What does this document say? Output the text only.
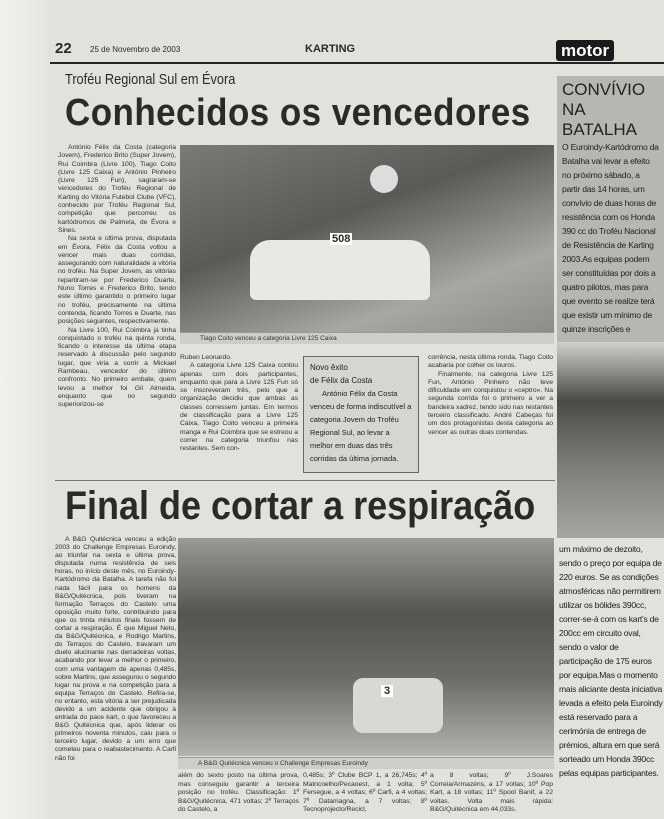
22 25 de Novembro de 2003	KARTING	motor
Troféu Regional Sul em Évora
Conhecidos os vencedores

António Félix da Costa (categoria Jovem), Frederico Brito (Super Jovem), Rui Coimbra (Livre 100), Tiago Coito (Livre 125 Caixa) e António Pinheiro (Livre 125 Fun), sagraram-se vencedores do Troféu Regional de Karting do Vitória Futebol Clube (VFC), conhecido por Troféu Regional Sul, competição que percorreu os kartódromos de Palmela, de Évora e Sines.

Na sexta e última prova, disputada em Évora, Félix da Costa voltou a vencer mais duas corridas, assegurando com naturalidade a vitória no troféu. Na Super Jovem, as vitórias repartiram-se por Frederico Duarte, Nuno Torres e Frederico Brito, tendo este último garantido o primeiro lugar no troféu, precisamente na última contenda, ficando Torres e Duarte, nas posições seguintes, respectivamente.

Na Livre 100, Rui Coimbra já tinha conquistado o troféu na quinta ronda, ficando o interesse da última etapa reservado à discussão pelo segundo lugar, que viria a sorrir a Mickael Rambeau, vencedor do último confronto. No primeiro embate, quem levou a melhor foi Gil Almeida, enquanto que no segundo superiorizou-se

508
Tiago Coito venceu a categoria Livre 125 Caixa

Ruben Leonardo.

A categoria Livre 125 Caixa contou apenas com dois participantes, enquanto que para a Livre 125 Fun só se inscreveram três, pelo que a organização decidiu que ambas as classes corressem juntas. Em termos de classificação para a Livre 125 Caixa, Tiago Coito venceu a primeira manga e Rui Coimbra que se estreou a correr na categoria triunfou nas restantes. Sem con-

Novo êxito
de Félix da Costa
António Félix da Costa venceu de forma indiscutível a categoria Jovem do Troféu Regional Sul, ao levar a melhor em duas das três corridas da última jornada.

corrência, nesta última ronda, Tiago Coito acabaria por colher os louros.

Finalmente, na categoria Livre 125 Fun, António Pinheiro não teve dificuldade em conquistou o «ceptro». Na segunda corrida foi o primeiro a ver a bandeira xadrez, tendo sido nas restantes terceiro classificado. André Cabeças foi um dos protagonistas desta categoria ao vencer as outras duas contendas.

CONVÍVIO
NA BATALHA
O Euroindy-Kartódromo da Batalha vai levar a efeito no próximo sábado, a partir das 14 horas, um convívio de duas horas de resistência com os Honda 390 cc do Troféu Nacional de Resistência de Karting 2003.As equipas podem ser constituídas por dois a quatro pilotos, mas para que evento se realize terá que existir um mínimo de quinze inscrições e
Final de cortar a respiração

A B&G Quitécnica venceu a edição 2003 do Challenge Empresas Euroindy, ao triunfar na sexta e última prova, disputada numa resistência de seis horas, no início deste mês, no Euroindy-Kartódromo da Batalha. A tarefa não foi nada fácil para os homens da B&G/Quitécnica, pois tiveram na formação Terraços do Castelo uma oposição muito forte, contribuindo para que os trinta minutos finais fossem de cortar a respiração. É que Miguel Neto, da B&G/Quitécnica, e Rodrigo Martins, do Terraços do Castelo, travaram um duelo alucinante nas derradeiras voltas, acabando por levar a melhor o primeiro, com uma vantagem de apenas 0,485s, sobre Martins, que assegurou o segundo lugar na prova e na competição para a equipa Terraços do Castelo. Refira-se, no entanto, esta vitória a ser prejudicada devido a um acidente que obrigou à entrada do pace kart, o que favoreceu a B&G Quitécnica que, após liderar os primeiros noventa minutos, caiu para o terceiro lugar, devido a um erro que cometeu para o reabastecimento. A Carfi não foi

3
A B&G Quitécnica venceu o Challenge Empresas Euroindy
além do sexto posto na última prova, mas conseguiu garantir a terceira posição no troféu. Classificação: 1º B&G/Quitécnica, 471 voltas; 2º Terraços do Castelo, a
0,485s; 3º Clube BCP 1, a 26,745s; 4º Matricoelho/Pecaoest, a 1 volta; 5º Fersegue, a 4 voltas; 6º Carfi, a 4 voltas; 7º Datamagna, a 7 voltas; 8º Tecnoprojecto/Recicl,
a 8 voltas; 9º J.Soares Correia/Armazéns, a 17 voltas; 10º Pop Kart, a 18 voltas; 11º Spool Banif, a 22 voltas. Volta mais rápida: B&G/Quitécnica em 44,033s.
um máximo de dezoito, sendo o preço por equipa de 220 euros. Se as condições atmosféricas não permitirem utilizar os bólides 390cc, correr-se-á com os kart's de 200cc em circuito oval, sendo o valor de participação de 175 euros por equipa.Mas o momento mais aliciante desta iniciativa levada a efeito pela Euroindy está reservado para a cerimónia de entrega de prémios, altura em que será sorteado um Honda 390cc pelas equipas participantes.
